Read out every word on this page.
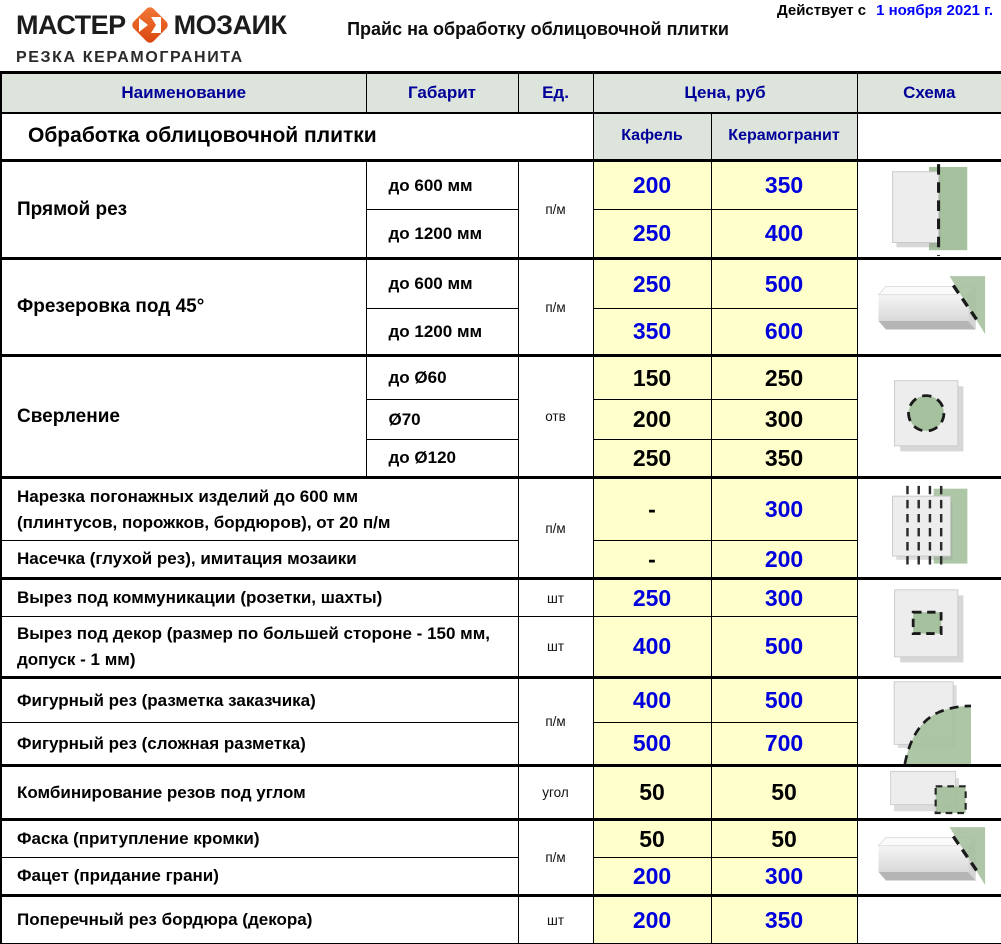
МАСТЕР МОЗАИК
РЕЗКА КЕРАМОГРАНИТА
Прайс на обработку облицовочной плитки
Действует с 1 ноября 2021 г.
Наименование	Габарит	Ед.	Цена, руб		Схема
Обработка облицовочной плитки			Кафель	Керамогранит	
Прямой рез	до 600 мм	п/м	200	350	

	до 1200 мм		250	400	
Фрезеровка под 45°	до 600 мм	п/м	250	500	

	до 1200 мм		350	600	
Сверление	до Ø60	отв	150	250	

	Ø70		200	300	
	до Ø120		250	350	

Нарезка погонажных изделий до 600 мм (плинтусов, порожков, бордюров), от 20 п/м		п/м	-	300	

Насечка (глухой рез), имитация мозаики			-	200	
Вырез под коммуникации (розетки, шахты)		шт	250	300	

Вырез под декор (размер по большей стороне - 150 мм, допуск - 1 мм)		шт	400	500	
Фигурный рез (разметка заказчика)		п/м	400	500	

Фигурный рез (сложная разметка)			500	700	
Комбинирование резов под углом		угол	50	50	

Фаска (притупление кромки)		п/м	50	50	

Фацет (придание грани)			200	300	
Поперечный рез бордюра (декора)		шт	200	350	
